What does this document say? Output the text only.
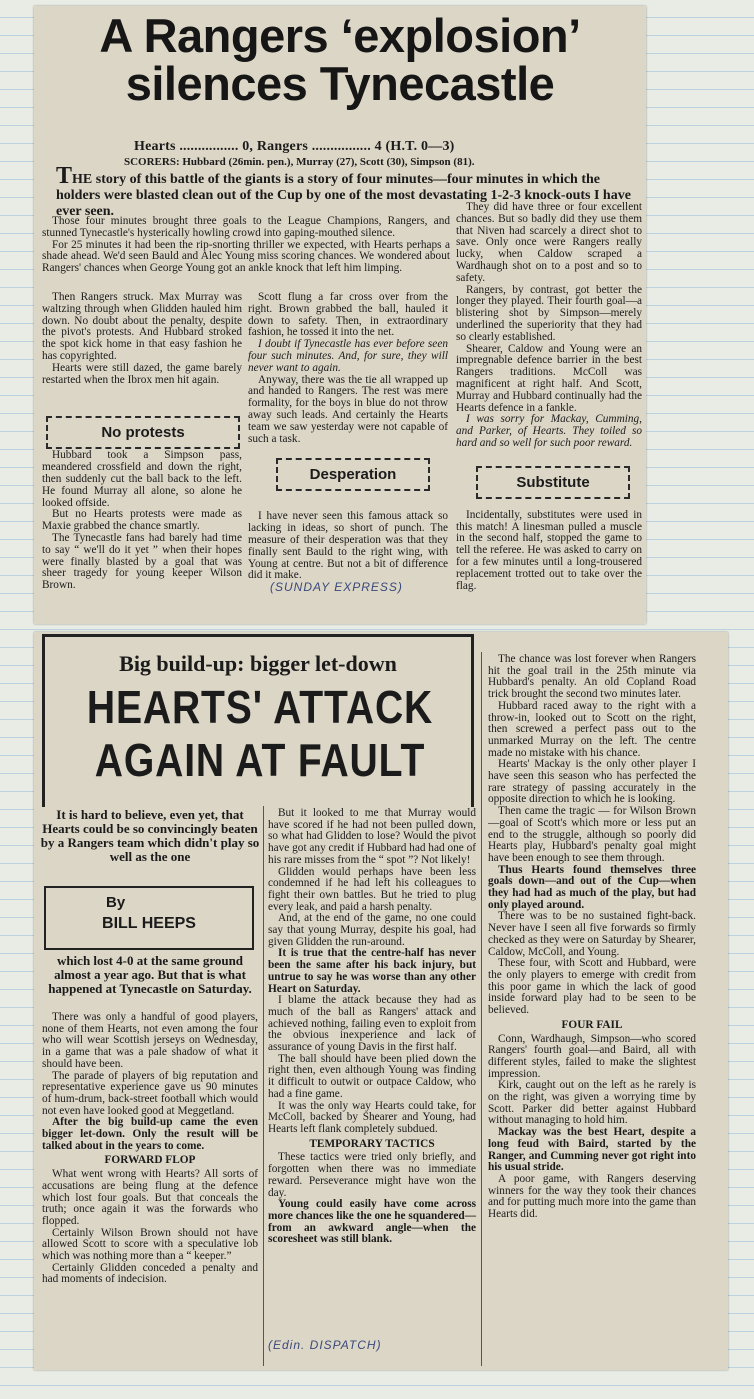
A Rangers ‘explosion’ silences Tynecastle
Hearts ................ 0, Rangers ................ 4 (H.T. 0—3)
SCORERS: Hubbard (26min. pen.), Murray (27), Scott (30), Simpson (81).

THE story of this battle of the giants is a story of four minutes—four minutes in which the holders were blasted clean out of the Cup by one of the most devastating 1-2-3 knock-outs I have ever seen.

Those four minutes brought three goals to the League Champions, Rangers, and stunned Tynecastle's hysterically howling crowd into gaping-mouthed silence.

For 25 minutes it had been the rip-snorting thriller we expected, with Hearts perhaps a shade ahead. We'd seen Bauld and Alec Young miss scoring chances. We wondered about Rangers' chances when George Young got an ankle knock that left him limping.

Then Rangers struck. Max Murray was waltzing through when Glidden hauled him down. No doubt about the penalty, despite the pivot's protests. And Hubbard stroked the spot kick home in that easy fashion he has copyrighted.

Hearts were still dazed, the game barely restarted when the Ibrox men hit again.

Hubbard took a Simpson pass, meandered crossfield and down the right, then suddenly cut the ball back to the left. He found Murray all alone, so alone he looked offside.

But no Hearts protests were made as Maxie grabbed the chance smartly.

The Tynecastle fans had barely had time to say “ we'll do it yet ” when their hopes were finally blasted by a goal that was sheer tragedy for young keeper Wilson Brown.

No protests

Scott flung a far cross over from the right. Brown grabbed the ball, hauled it down to safety. Then, in extraordinary fashion, he tossed it into the net.

I doubt if Tynecastle has ever before seen four such minutes. And, for sure, they will never want to again.

Anyway, there was the tie all wrapped up and handed to Rangers. The rest was mere formality, for the boys in blue do not throw away such leads. And certainly the Hearts team we saw yesterday were not capable of such a task.

I have never seen this famous attack so lacking in ideas, so short of punch. The measure of their desperation was that they finally sent Bauld to the right wing, with Young at centre. But not a bit of difference did it make.

Desperation

They did have three or four excellent chances. But so badly did they use them that Niven had scarcely a direct shot to save. Only once were Rangers really lucky, when Caldow scraped a Wardhaugh shot on to a post and so to safety.

Rangers, by contrast, got better the longer they played. Their fourth goal—a blistering shot by Simpson—merely underlined the superiority that they had so clearly established.

Shearer, Caldow and Young were an impregnable defence barrier in the best Rangers traditions. McColl was magnificent at right half. And Scott, Murray and Hubbard continually had the Hearts defence in a fankle.

I was sorry for Mackay, Cumming, and Parker, of Hearts. They toiled so hard and so well for such poor reward.

Incidentally, substitutes were used in this match! A linesman pulled a muscle in the second half, stopped the game to tell the referee. He was asked to carry on for a few minutes until a long-trousered replacement trotted out to take over the flag.

Substitute
(SUNDAY EXPRESS)

Big build-up: bigger let-down

HEARTS' ATTACK
AGAIN AT FAULT
It is hard to believe, even yet, that Hearts could be so convincingly beaten by a Rangers team which didn't play so well as the one
By
BILL HEEPS
which lost 4-0 at the same ground almost a year ago. But that is what happened at Tynecastle on Saturday.

There was only a handful of good players, none of them Hearts, not even among the four who will wear Scottish jerseys on Wednesday, in a game that was a pale shadow of what it should have been.

The parade of players of big reputation and representative experience gave us 90 minutes of hum-drum, back-street football which would not even have looked good at Meggetland.

After the big build-up came the even bigger let-down. Only the result will be talked about in the years to come.

FORWARD FLOP

What went wrong with Hearts? All sorts of accusations are being flung at the defence which lost four goals. But that conceals the truth; once again it was the forwards who flopped.

Certainly Wilson Brown should not have allowed Scott to score with a speculative lob which was nothing more than a “ keeper.”

Certainly Glidden conceded a penalty and had moments of indecision.

But it looked to me that Murray would have scored if he had not been pulled down, so what had Glidden to lose? Would the pivot have got any credit if Hubbard had had one of his rare misses from the “ spot ”? Not likely!

Glidden would perhaps have been less condemned if he had left his colleagues to fight their own battles. But he tried to plug every leak, and paid a harsh penalty.

And, at the end of the game, no one could say that young Murray, despite his goal, had given Glidden the run-around.

It is true that the centre-half has never been the same after his back injury, but untrue to say he was worse than any other Heart on Saturday.

I blame the attack because they had as much of the ball as Rangers' attack and achieved nothing, failing even to exploit from the obvious inexperience and lack of assurance of young Davis in the first half.

The ball should have been plied down the right then, even although Young was finding it difficult to outwit or outpace Caldow, who had a fine game.

It was the only way Hearts could take, for McColl, backed by Shearer and Young, had Hearts left flank completely subdued.

TEMPORARY TACTICS

These tactics were tried only briefly, and forgotten when there was no immediate reward. Perseverance might have won the day.

Young could easily have come across more chances like the one he squandered—from an awkward angle—when the scoresheet was still blank.

The chance was lost forever when Rangers hit the goal trail in the 25th minute via Hubbard's penalty. An old Copland Road trick brought the second two minutes later.

Hubbard raced away to the right with a throw-in, looked out to Scott on the right, then screwed a perfect pass out to the unmarked Murray on the left. The centre made no mistake with his chance.

Hearts' Mackay is the only other player I have seen this season who has perfected the rare strategy of passing accurately in the opposite direction to which he is looking.

Then came the tragic — for Wilson Brown—goal of Scott's which more or less put an end to the struggle, although so poorly did Hearts play, Hubbard's penalty goal might have been enough to see them through.

Thus Hearts found themselves three goals down—and out of the Cup—when they had had as much of the play, but had only played around.

There was to be no sustained fight-back. Never have I seen all five forwards so firmly checked as they were on Saturday by Shearer, Caldow, McColl, and Young.

These four, with Scott and Hubbard, were the only players to emerge with credit from this poor game in which the lack of good inside forward play had to be seen to be believed.

FOUR FAIL

Conn, Wardhaugh, Simpson—who scored Rangers' fourth goal—and Baird, all with different styles, failed to make the slightest impression.

Kirk, caught out on the left as he rarely is on the right, was given a worrying time by Scott. Parker did better against Hubbard without managing to hold him.

Mackay was the best Heart, despite a long feud with Baird, started by the Ranger, and Cumming never got right into his usual stride.

A poor game, with Rangers deserving winners for the way they took their chances and for putting much more into the game than Hearts did.

(Edin. DISPATCH)
